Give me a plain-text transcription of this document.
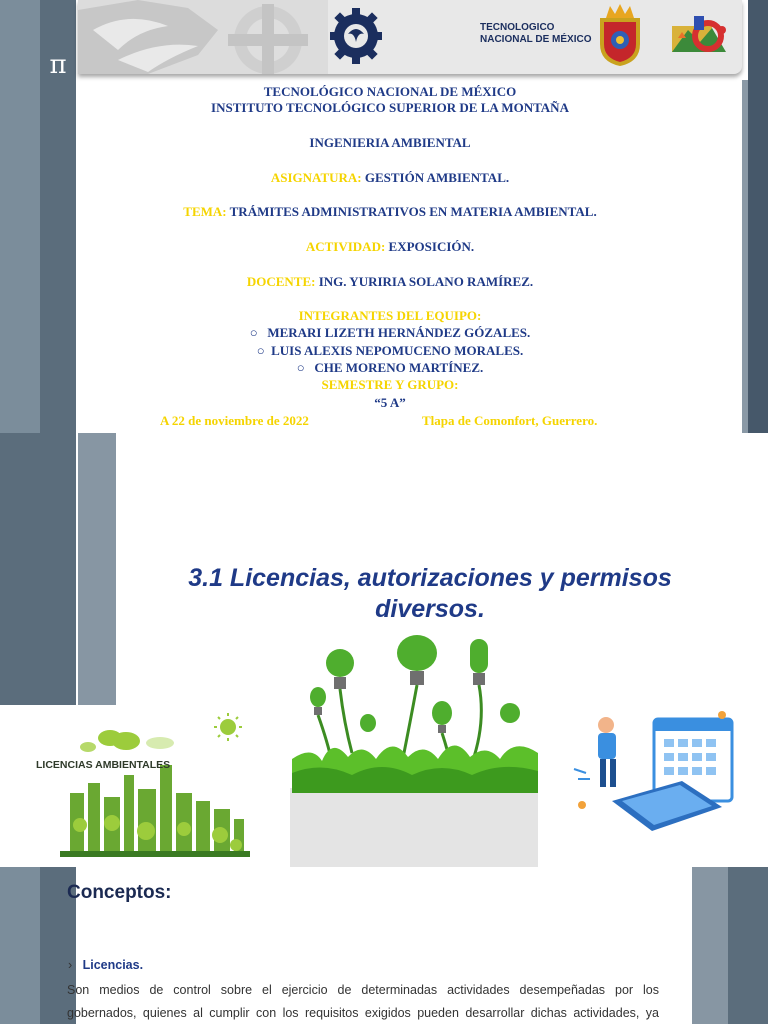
π
TECNOLOGICO
NACIONAL DE MÉXICO
TECNOLÓGICO NACIONAL DE MÉXICO
INSTITUTO TECNOLÓGICO SUPERIOR DE LA MONTAÑA
INGENIERIA AMBIENTAL
ASIGNATURA: GESTIÓN AMBIENTAL.
TEMA: TRÁMITES ADMINISTRATIVOS EN MATERIA AMBIENTAL.
ACTIVIDAD: EXPOSICIÓN.
DOCENTE: ING. YURIRIA SOLANO RAMÍREZ.
INTEGRANTES DEL EQUIPO:
○ MERARI LIZETH HERNÁNDEZ GÓZALES.
○ LUIS ALEXIS NEPOMUCENO MORALES.
○ CHE MORENO MARTÍNEZ.
SEMESTRE Y GRUPO:
“5 A”
A 22 de noviembre de 2022	Tlapa de Comonfort, Guerrero.
3.1 Licencias, autorizaciones y permisos
diversos.
LICENCIAS AMBIENTALES
Conceptos:
› Licencias.
Son medios de control sobre el ejercicio de determinadas actividades desempeñadas por los
gobernados, quienes al cumplir con los requisitos exigidos pueden desarrollar dichas actividades, ya
